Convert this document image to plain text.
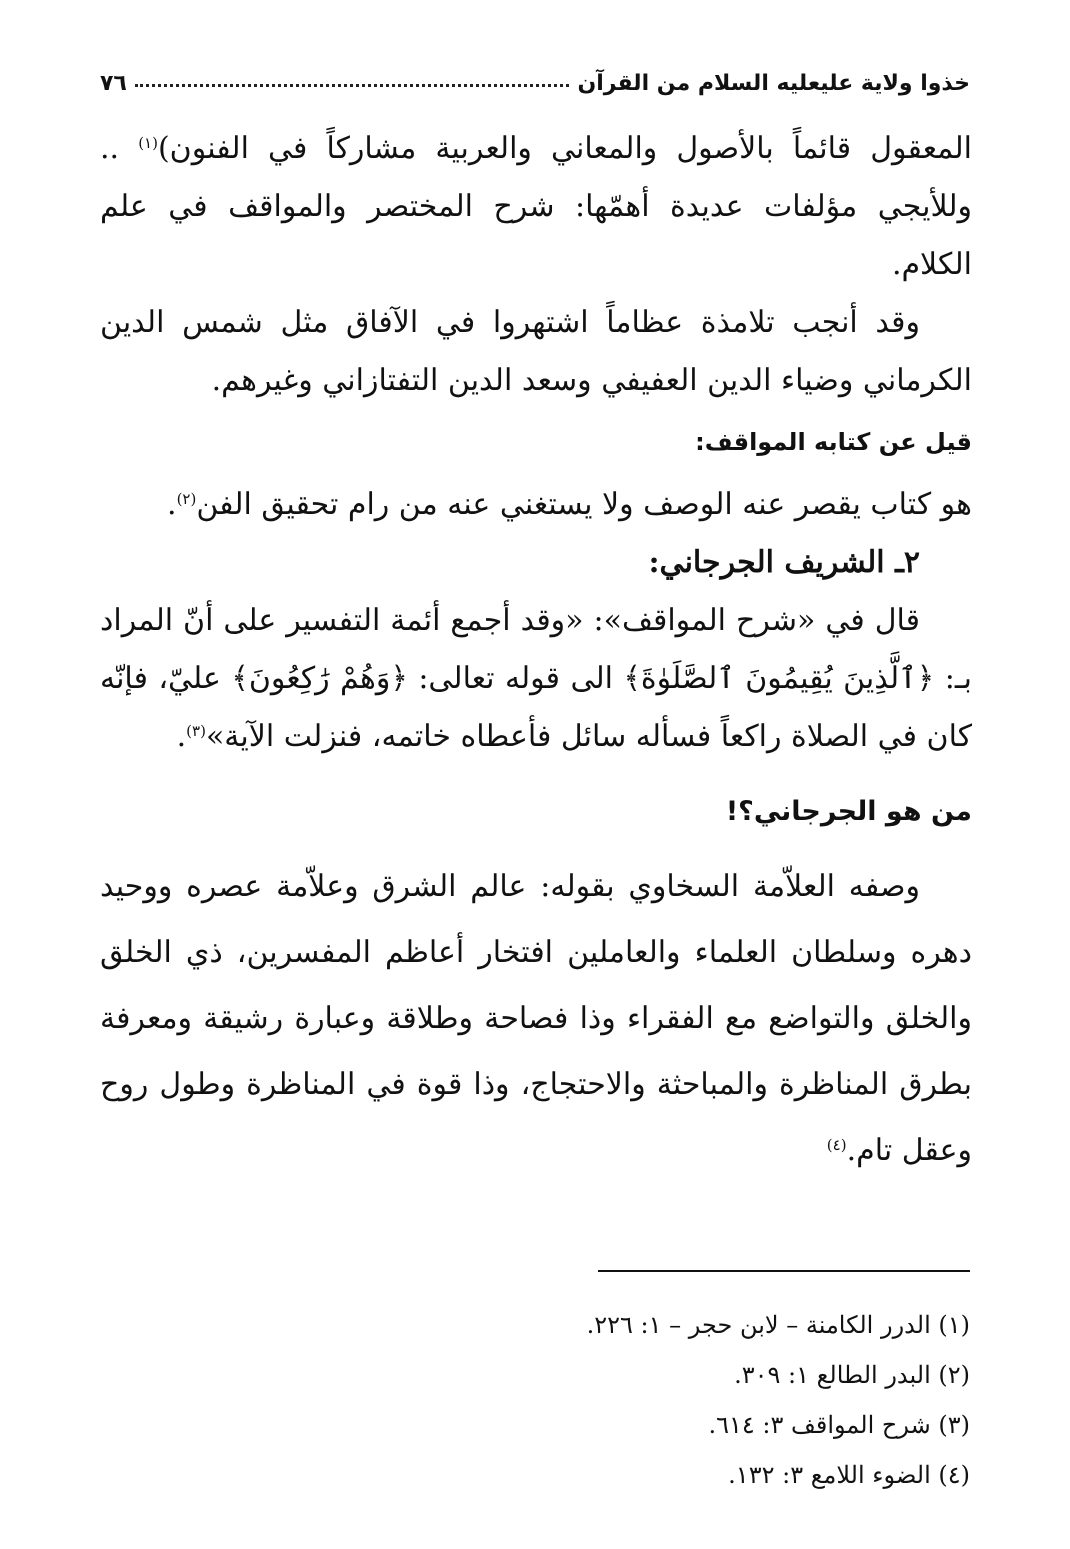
خذوا ولاية عليعليه السلام من القرآن
٧٦

المعقول قائماً بالأصول والمعاني والعربية مشاركاً في الفنون)$^{(١)}$ .. وللأيجي مؤلفات عديدة أهمّها: شرح المختصر والمواقف في علم الكلام.

وقد أنجب تلامذة عظاماً اشتهروا في الآفاق مثل شمس الدين الكرماني وضياء الدين العفيفي وسعد الدين التفتازاني وغيرهم.

قيل عن كتابه المواقف:

هو كتاب يقصر عنه الوصف ولا يستغني عنه من رام تحقيق الفن$^{(٢)}$.

٢ـ الشريف الجرجاني:

قال في «شرح المواقف»: «وقد أجمع أئمة التفسير على أنّ المراد بـ: ﴿ٱلَّذِينَ يُقِيمُونَ ٱلصَّلَوٰةَ﴾ الى قوله تعالى: ﴿وَهُمْ رَٰكِعُونَ﴾ عليّ، فإنّه كان في الصلاة راكعاً فسأله سائل فأعطاه خاتمه، فنزلت الآية»$^{(٣)}$.

من هو الجرجاني؟!

وصفه العلاّمة السخاوي بقوله: عالم الشرق وعلاّمة عصره ووحيد دهره وسلطان العلماء والعاملين افتخار أعاظم المفسرين، ذي الخلق والخلق والتواضع مع الفقراء وذا فصاحة وطلاقة وعبارة رشيقة ومعرفة بطرق المناظرة والمباحثة والاحتجاج، وذا قوة في المناظرة وطول روح وعقل تام.$^{(٤)}$

(١) الدرر الكامنة – لابن حجر – ١: ٢٢٦.

(٢) البدر الطالع ١: ٣٠٩.

(٣) شرح المواقف ٣: ٦١٤.

(٤) الضوء اللامع ٣: ١٣٢.
